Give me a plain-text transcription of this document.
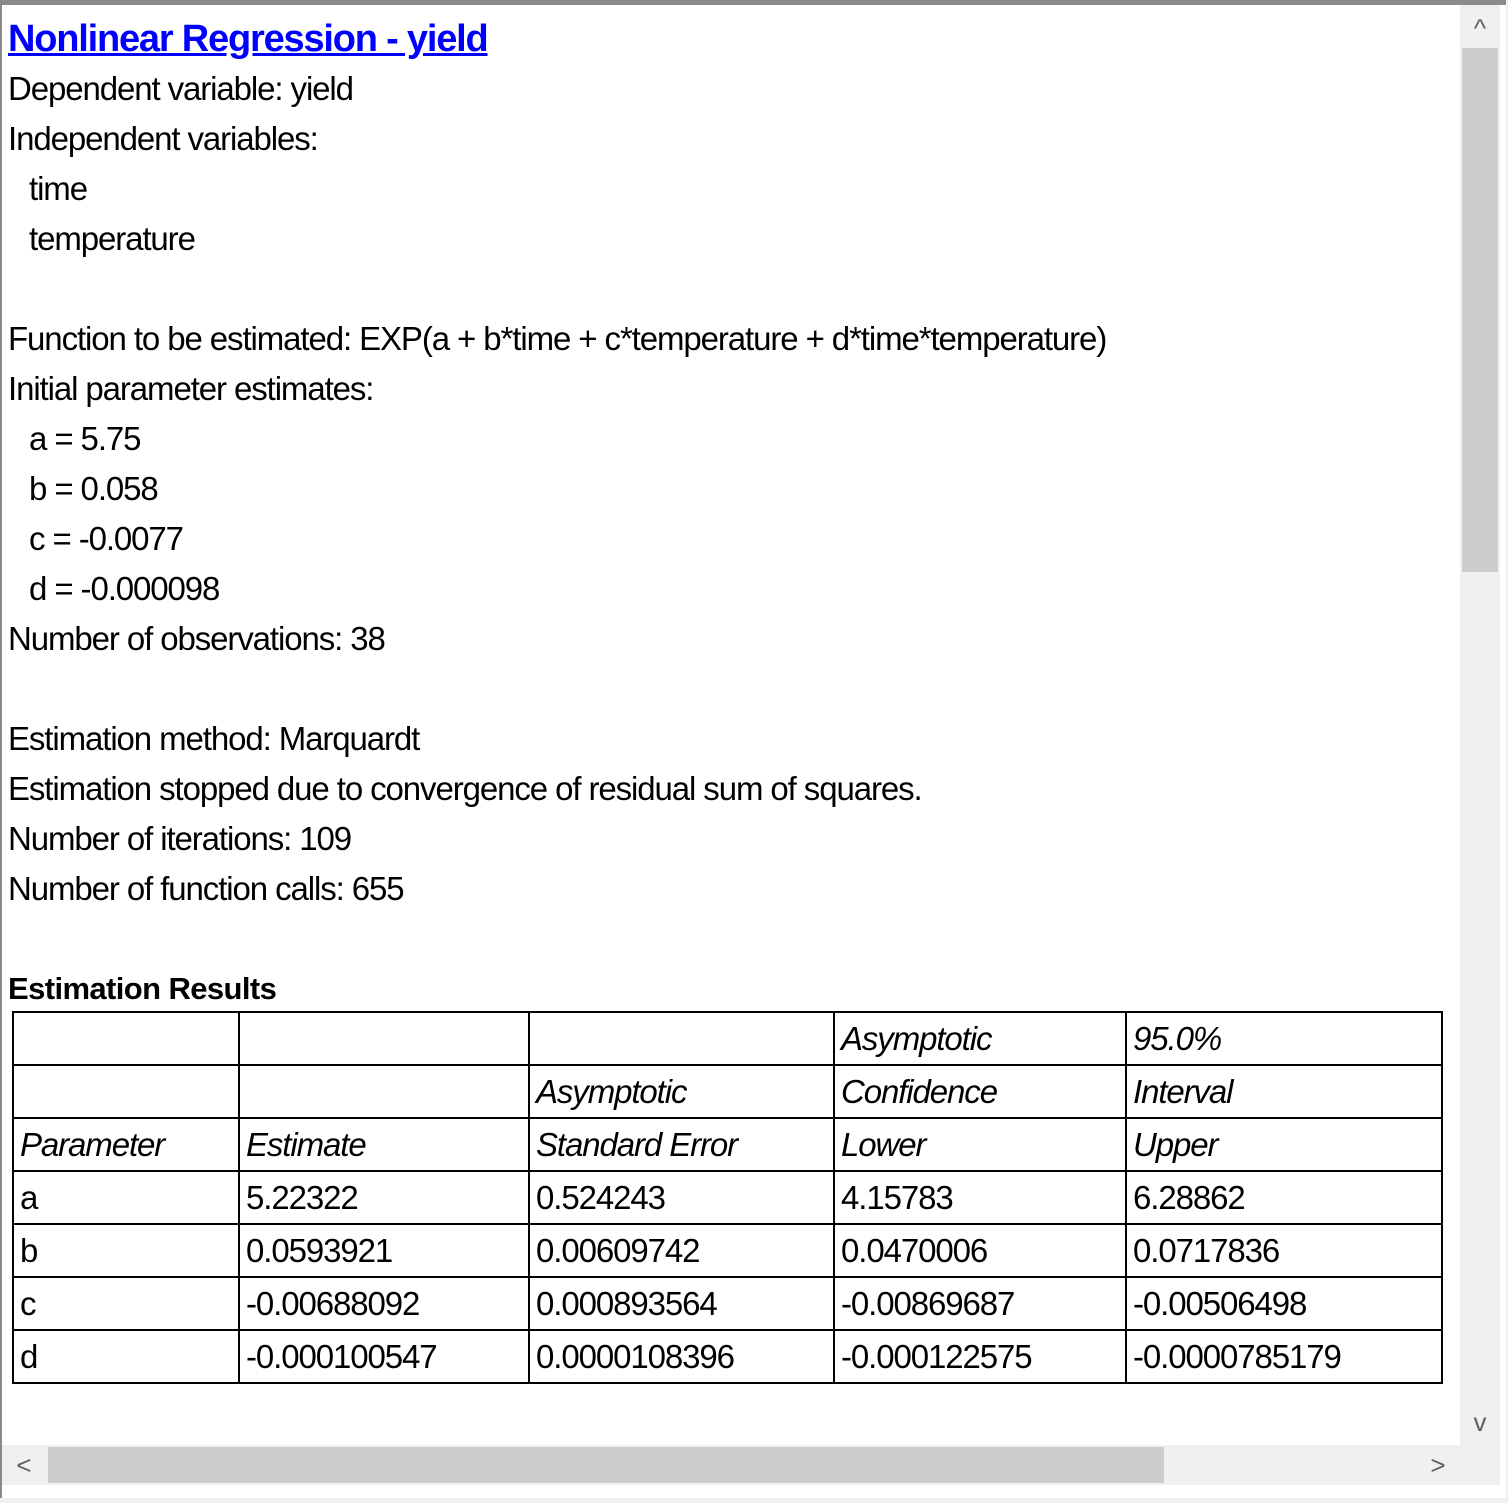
Nonlinear Regression - yield
Dependent variable: yield
Independent variables:
time
temperature
Function to be estimated: EXP(a + b*time + c*temperature + d*time*temperature)
Initial parameter estimates:
a = 5.75
b = 0.058
c = -0.0077
d = -0.000098
Number of observations: 38
Estimation method: Marquardt
Estimation stopped due to convergence of residual sum of squares.
Number of iterations: 109
Number of function calls: 655
Estimation Results
			Asymptotic	95.0%
		Asymptotic	Confidence	Interval
Parameter	Estimate	Standard Error	Lower	Upper
a	5.22322	0.524243	4.15783	6.28862
b	0.0593921	0.00609742	0.0470006	0.0717836
c	-0.00688092	0.000893564	-0.00869687	-0.00506498
d	-0.000100547	0.0000108396	-0.000122575	-0.0000785179
^
v
<	>
